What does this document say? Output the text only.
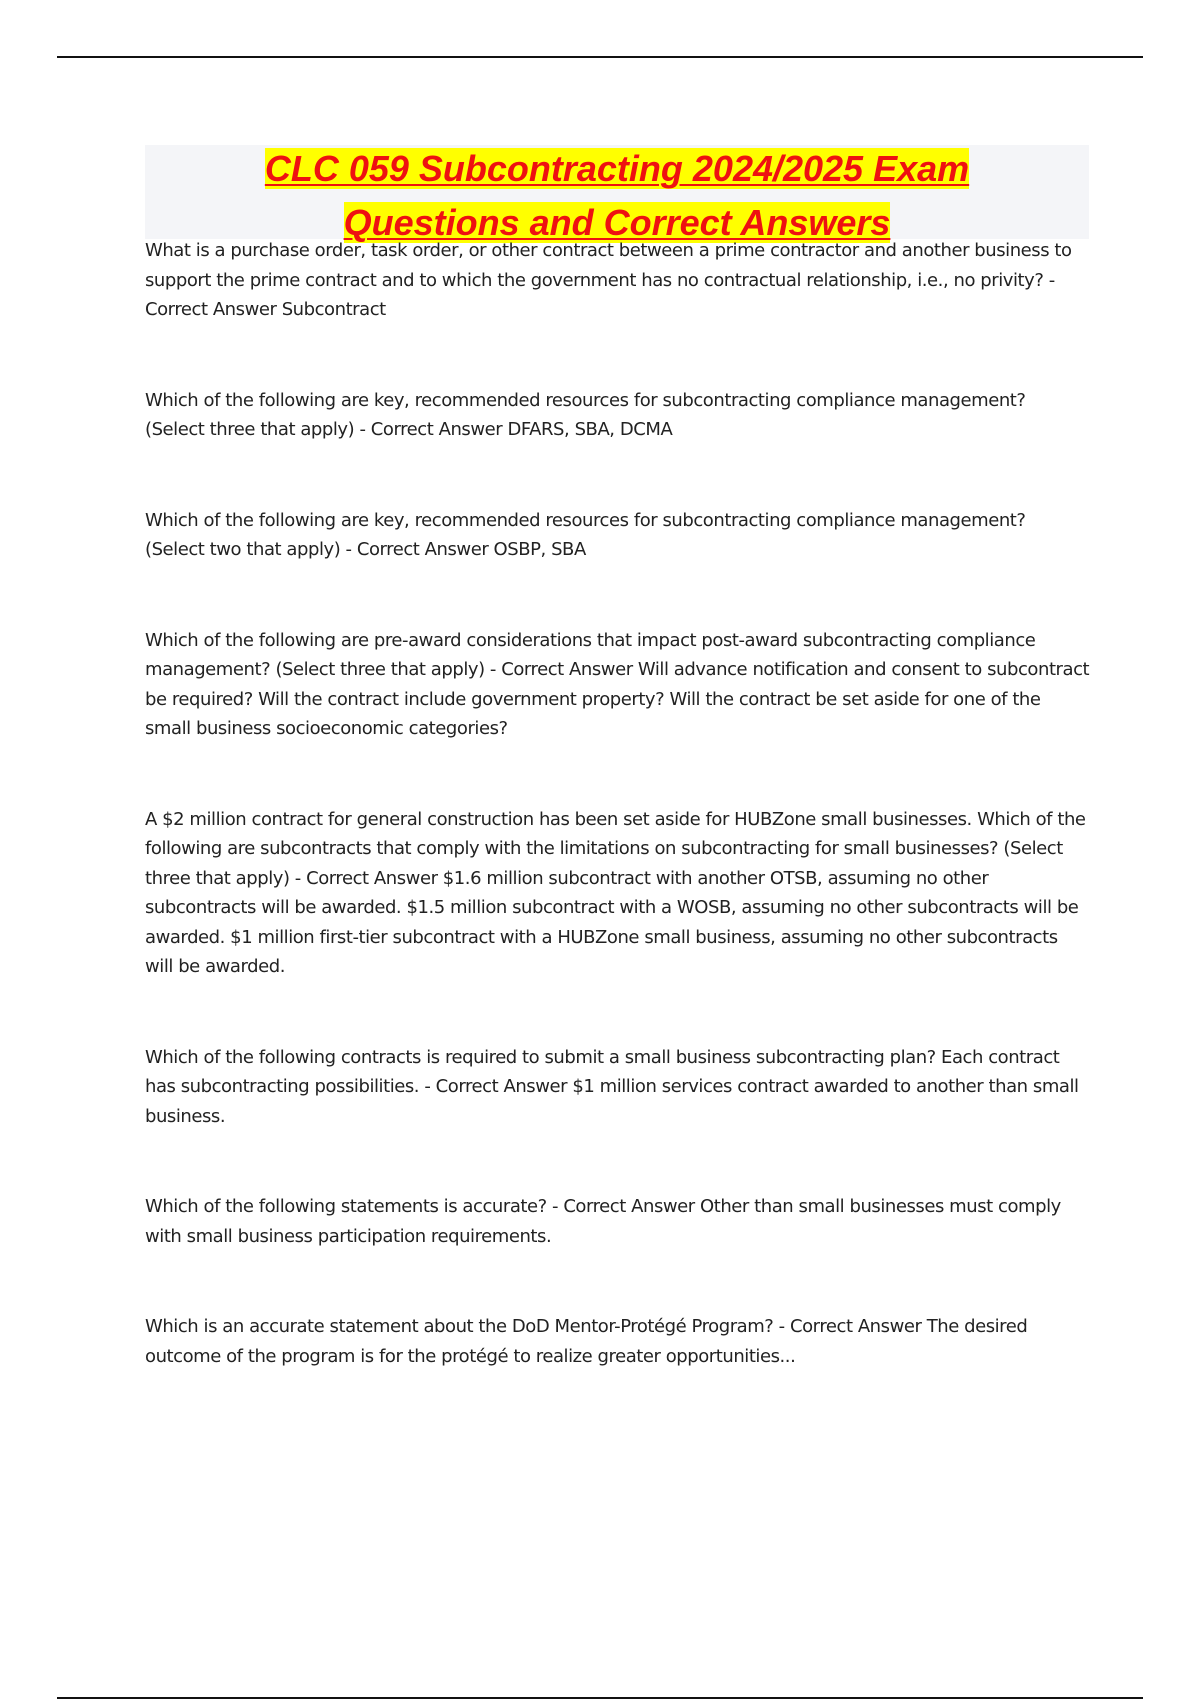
CLC 059 Subcontracting 2024/2025 Exam
Questions and Correct Answers

What is a purchase order, task order, or other contract between a prime contractor and another business to support the prime contract and to which the government has no contractual relationship, i.e., no privity? - Correct Answer Subcontract

Which of the following are key, recommended resources for subcontracting compliance management? (Select three that apply) - Correct Answer DFARS, SBA, DCMA

Which of the following are key, recommended resources for subcontracting compliance management? (Select two that apply) - Correct Answer OSBP, SBA

Which of the following are pre-award considerations that impact post-award subcontracting compliance management? (Select three that apply) - Correct Answer Will advance notification and consent to subcontract be required? Will the contract include government property? Will the contract be set aside for one of the small business socioeconomic categories?

A $2 million contract for general construction has been set aside for HUBZone small businesses. Which of the following are subcontracts that comply with the limitations on subcontracting for small businesses? (Select three that apply) - Correct Answer $1.6 million subcontract with another OTSB, assuming no other subcontracts will be awarded. $1.5 million subcontract with a WOSB, assuming no other subcontracts will be awarded. $1 million first-tier subcontract with a HUBZone small business, assuming no other subcontracts will be awarded.

Which of the following contracts is required to submit a small business subcontracting plan? Each contract has subcontracting possibilities. - Correct Answer $1 million services contract awarded to another than small business.

Which of the following statements is accurate? - Correct Answer Other than small businesses must comply with small business participation requirements.

Which is an accurate statement about the DoD Mentor-Protégé Program? - Correct Answer The desired outcome of the program is for the protégé to realize greater opportunities...
